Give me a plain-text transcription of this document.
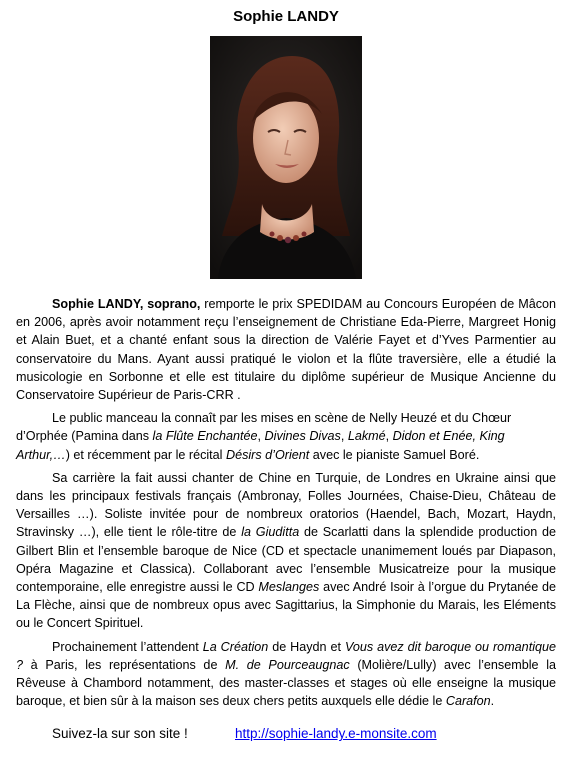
Sophie LANDY

Sophie LANDY, soprano, remporte le prix SPEDIDAM au Concours Européen de Mâcon en 2006, après avoir notamment reçu l’enseignement de Christiane Eda-Pierre, Margreet Honig et Alain Buet, et a chanté enfant sous la direction de Valérie Fayet et d’Yves Parmentier au conservatoire du Mans. Ayant aussi pratiqué le violon et la flûte traversière, elle a étudié la musicologie en Sorbonne et elle est titulaire du diplôme supérieur de Musique Ancienne du Conservatoire Supérieur de Paris-CRR .

Le public manceau la connaît par les mises en scène de Nelly Heuzé et du Chœur d’Orphée (Pamina dans la Flûte Enchantée, Divines Divas, Lakmé, Didon et Enée, King Arthur,…) et récemment par le récital Désirs d’Orient avec le pianiste Samuel Boré.

Sa carrière la fait aussi chanter de Chine en Turquie, de Londres en Ukraine ainsi que dans les principaux festivals français (Ambronay, Folles Journées, Chaise-Dieu, Château de Versailles …). Soliste invitée pour de nombreux oratorios (Haendel, Bach, Mozart, Haydn, Stravinsky …), elle tient le rôle-titre de la Giuditta de Scarlatti dans la splendide production de Gilbert Blin et l’ensemble baroque de Nice (CD et spectacle unanimement loués par Diapason, Opéra Magazine et Classica). Collaborant avec l’ensemble Musicatreize pour la musique contemporaine, elle enregistre aussi le CD Meslanges avec André Isoir à l’orgue du Prytanée de La Flèche, ainsi que de nombreux opus avec Sagittarius, la Simphonie du Marais, les Eléments ou le Concert Spirituel.

Prochainement l’attendent La Création de Haydn et Vous avez dit baroque ou romantique ? à Paris, les représentations de M. de Pourceaugnac (Molière/Lully) avec l’ensemble la Rêveuse à Chambord notamment, des master-classes et stages où elle enseigne la musique baroque, et bien sûr à la maison ses deux chers petits auxquels elle dédie le Carafon.

Suivez-la sur son site !	http://sophie-landy.e-monsite.com
